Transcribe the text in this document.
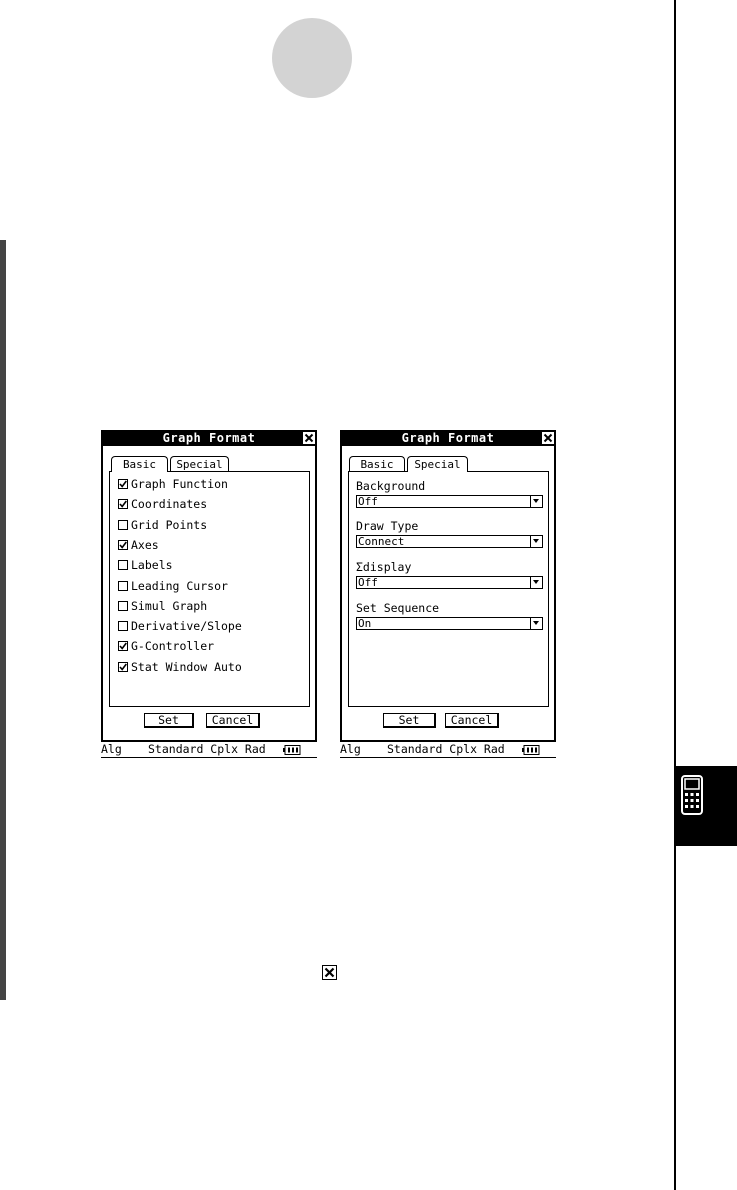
Graph Format
Basic	Special
Graph Function
Coordinates
Grid Points
Axes
Labels
Leading Cursor
Simul Graph
Derivative/Slope
G-Controller
Stat Window Auto
Set	Cancel
Alg Standard Cplx Rad
Graph Format
Basic	Special
Background
Off
Draw Type
Connect
Σdisplay
Off
Set Sequence
On
Set	Cancel
Alg Standard Cplx Rad
